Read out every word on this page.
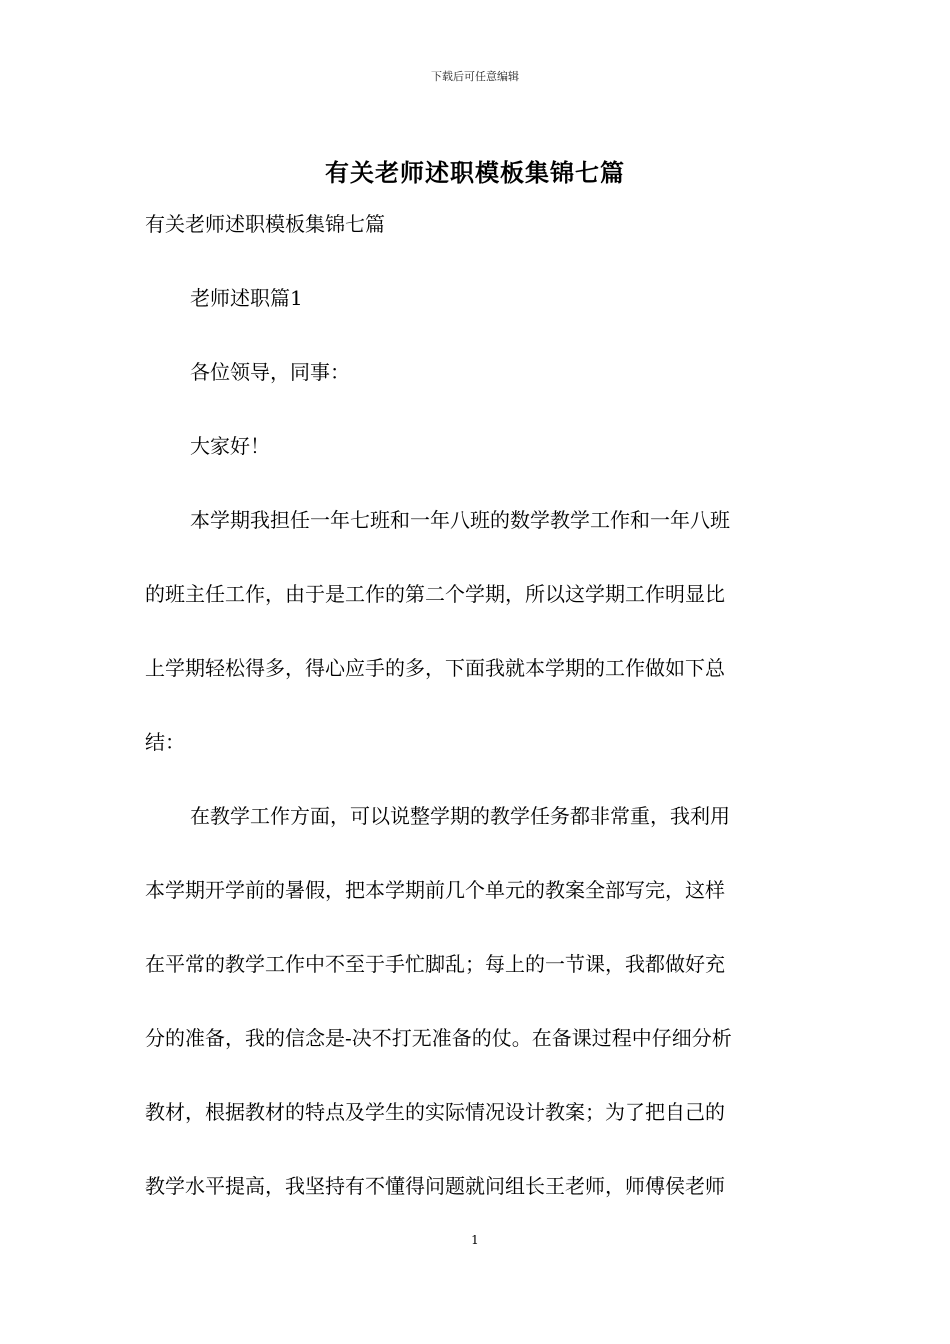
下载后可任意编辑
有关老师述职模板集锦七篇
有关老师述职模板集锦七篇
老师述职篇1
各位领导，同事：
大家好！
本学期我担任一年七班和一年八班的数学教学工作和一年八班
的班主任工作，由于是工作的第二个学期，所以这学期工作明显比
上学期轻松得多，得心应手的多，下面我就本学期的工作做如下总
结：
在教学工作方面，可以说整学期的教学任务都非常重，我利用
本学期开学前的暑假，把本学期前几个单元的教案全部写完，这样
在平常的教学工作中不至于手忙脚乱；每上的一节课，我都做好充
分的准备，我的信念是-决不打无准备的仗。在备课过程中仔细分析
教材，根据教材的特点及学生的实际情况设计教案；为了把自己的
教学水平提高，我坚持有不懂得问题就问组长王老师，师傅侯老师
1
